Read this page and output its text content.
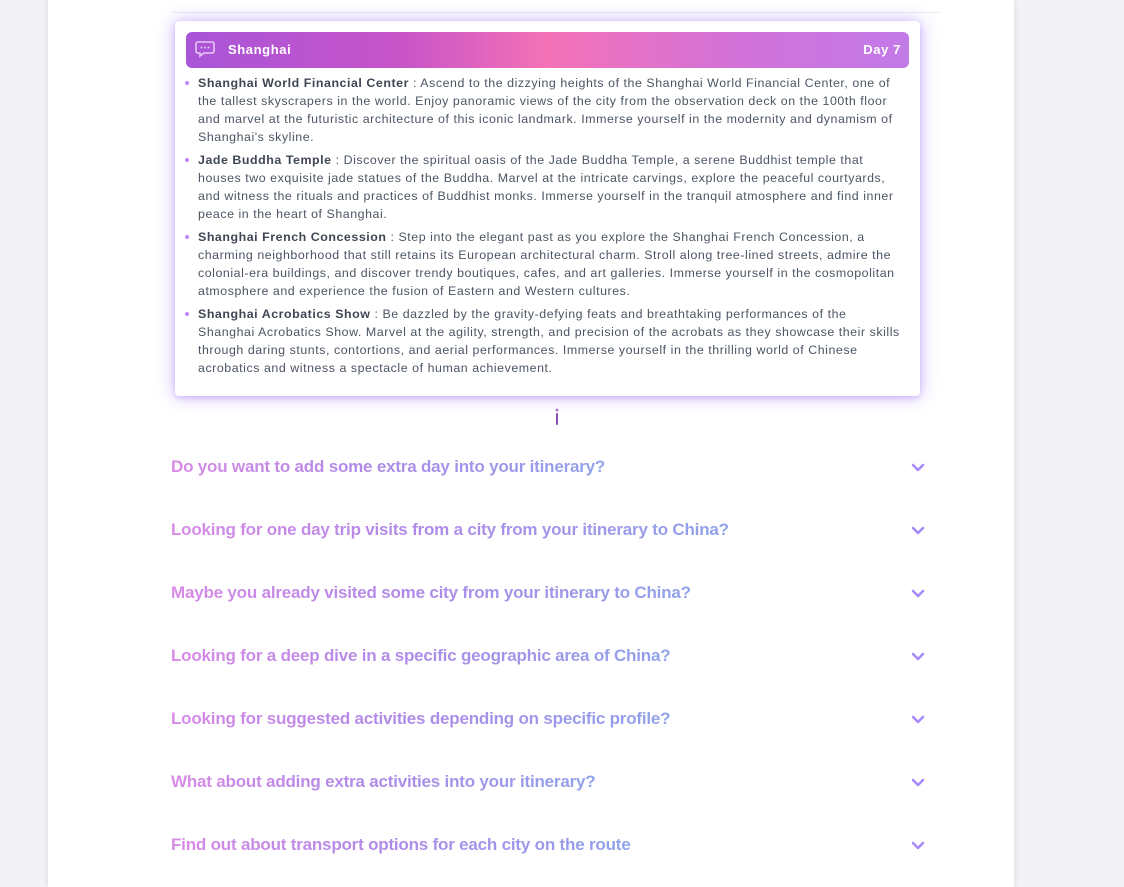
Shanghai	Day 7
Shanghai World Financial Center : Ascend to the dizzying heights of the Shanghai World Financial Center, one of the tallest skyscrapers in the world. Enjoy panoramic views of the city from the observation deck on the 100th floor and marvel at the futuristic architecture of this iconic landmark. Immerse yourself in the modernity and dynamism of Shanghai's skyline.
Jade Buddha Temple : Discover the spiritual oasis of the Jade Buddha Temple, a serene Buddhist temple that houses two exquisite jade statues of the Buddha. Marvel at the intricate carvings, explore the peaceful courtyards, and witness the rituals and practices of Buddhist monks. Immerse yourself in the tranquil atmosphere and find inner peace in the heart of Shanghai.
Shanghai French Concession : Step into the elegant past as you explore the Shanghai French Concession, a charming neighborhood that still retains its European architectural charm. Stroll along tree-lined streets, admire the colonial-era buildings, and discover trendy boutiques, cafes, and art galleries. Immerse yourself in the cosmopolitan atmosphere and experience the fusion of Eastern and Western cultures.
Shanghai Acrobatics Show : Be dazzled by the gravity-defying feats and breathtaking performances of the Shanghai Acrobatics Show. Marvel at the agility, strength, and precision of the acrobats as they showcase their skills through daring stunts, contortions, and aerial performances. Immerse yourself in the thrilling world of Chinese acrobatics and witness a spectacle of human achievement.
Do you want to add some extra day into your itinerary?
Looking for one day trip visits from a city from your itinerary to China?
Maybe you already visited some city from your itinerary to China?
Looking for a deep dive in a specific geographic area of China?
Looking for suggested activities depending on specific profile?
What about adding extra activities into your itinerary?
Find out about transport options for each city on the route
